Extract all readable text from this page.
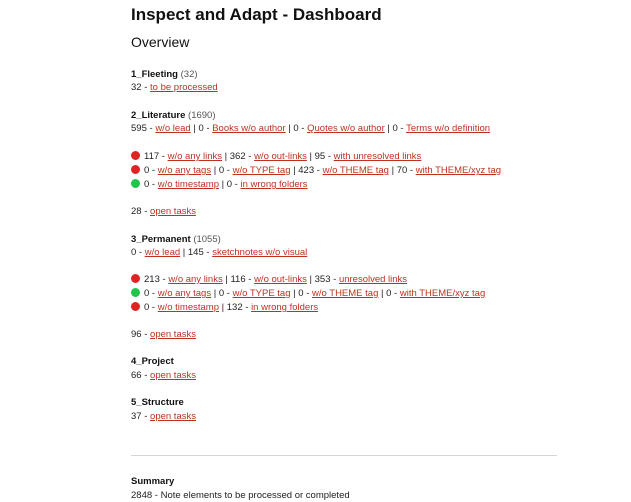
Inspect and Adapt - Dashboard
Overview
1_Fleeting (32)
32 - to be processed
2_Literature (1690)
595 - w/o lead | 0 - Books w/o author | 0 - Quotes w/o author | 0 - Terms w/o definition
117 - w/o any links | 362 - w/o out-links | 95 - with unresolved links
0 - w/o any tags | 0 - w/o TYPE tag | 423 - w/o THEME tag | 70 - with THEME/xyz tag
0 - w/o timestamp | 0 - in wrong folders
28 - open tasks
3_Permanent (1055)
0 - w/o lead | 145 - sketchnotes w/o visual
213 - w/o any links | 116 - w/o out-links | 353 - unresolved links
0 - w/o any tags | 0 - w/o TYPE tag | 0 - w/o THEME tag | 0 - with THEME/xyz tag
0 - w/o timestamp | 132 - in wrong folders
96 - open tasks
4_Project
66 - open tasks
5_Structure
37 - open tasks
Summary
2848 - Note elements to be processed or completed
